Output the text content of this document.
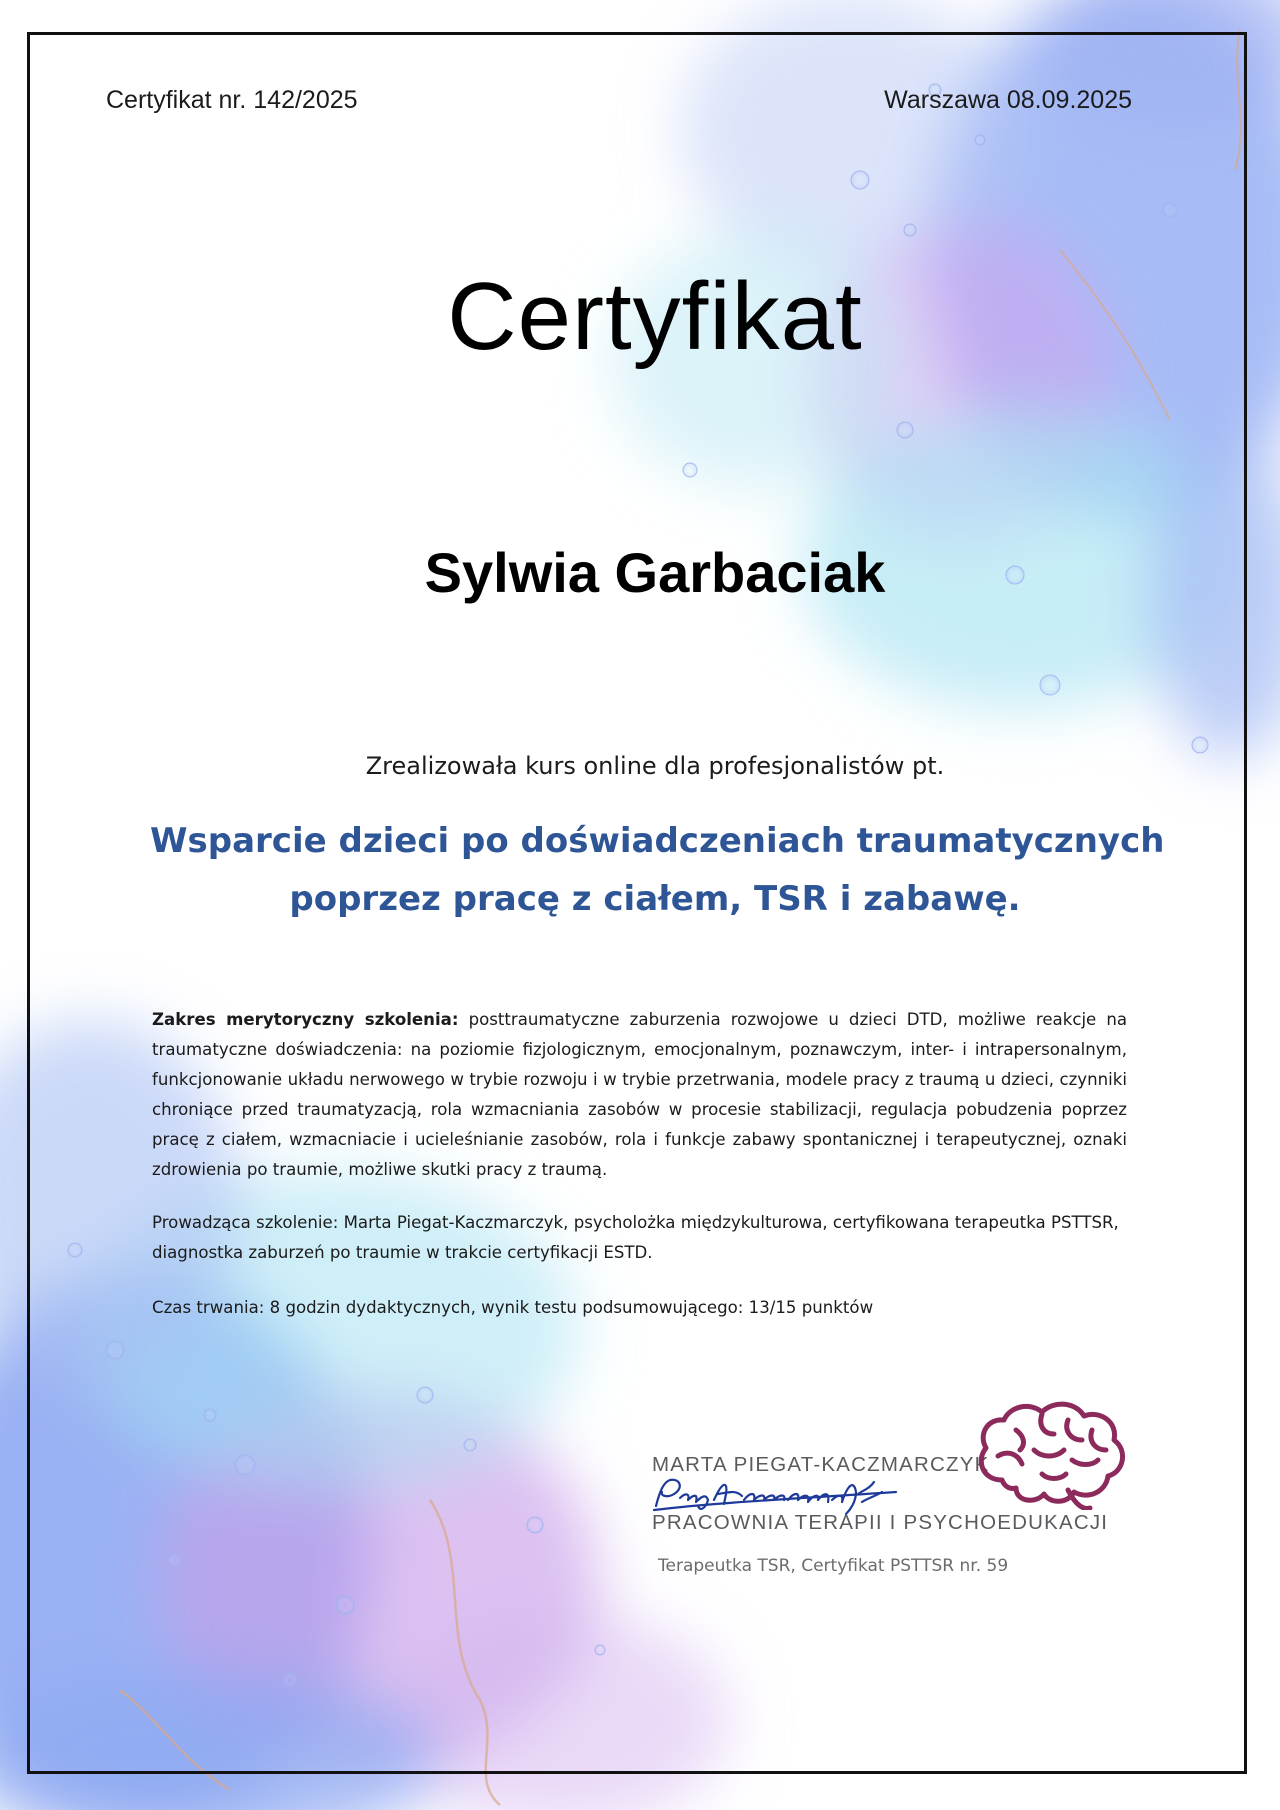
Certyfikat nr. 142/2025	Warszawa 08.09.2025
Certyfikat
Sylwia Garbaciak
Zrealizowała kurs online dla profesjonalistów pt.
Wsparcie dzieci po doświadczeniach traumatycznych
poprzez pracę z ciałem, TSR i zabawę.
Zakres merytoryczny szkolenia: posttraumatyczne zaburzenia rozwojowe u dzieci DTD, możliwe reakcje na traumatyczne doświadczenia: na poziomie fizjologicznym, emocjonalnym, poznawczym, inter- i intrapersonalnym, funkcjonowanie układu nerwowego w trybie rozwoju i w trybie przetrwania, modele pracy z traumą u dzieci, czynniki chroniące przed traumatyzacją, rola wzmacniania zasobów w procesie stabilizacji, regulacja pobudzenia poprzez pracę z ciałem, wzmacniacie i ucieleśnianie zasobów, rola i funkcje zabawy spontanicznej i terapeutycznej, oznaki zdrowienia po traumie, możliwe skutki pracy z traumą.
Prowadząca szkolenie: Marta Piegat-Kaczmarczyk, psycholożka międzykulturowa, certyfikowana terapeutka PSTTSR, diagnostka zaburzeń po traumie w trakcie certyfikacji ESTD.
Czas trwania: 8 godzin dydaktycznych, wynik testu podsumowującego: 13/15 punktów
MARTA PIEGAT-KACZMARCZYK
PRACOWNIA TERAPII I PSYCHOEDUKACJI
Terapeutka TSR, Certyfikat PSTTSR nr. 59
